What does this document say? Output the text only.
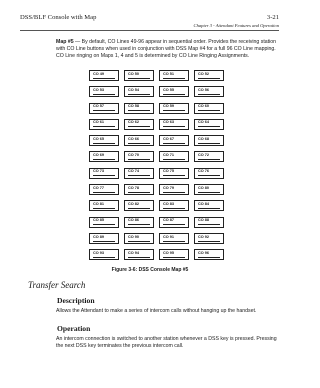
DSS/BLF Console with Map	3-21
Chapter 3 - Attendant Features and Operation

Map #5 — By default, CO Lines 49-96 appear in sequential order. Provides the receiving station with CO Line buttons when used in conjunction with DSS Map #4 for a full 96 CO Line mapping. CO Line ringing on Maps 1, 4 and 5 is determined by CO Line Ringing Assignments.

CO 49	CO 50	CO 51	CO 52
CO 53	CO 54	CO 55	CO 56
CO 57	CO 58	CO 59	CO 60
CO 61	CO 62	CO 63	CO 64
CO 65	CO 66	CO 67	CO 68
CO 69	CO 70	CO 71	CO 72
CO 73	CO 74	CO 75	CO 76
CO 77	CO 78	CO 79	CO 80
CO 81	CO 82	CO 83	CO 84
CO 85	CO 86	CO 87	CO 88
CO 89	CO 90	CO 91	CO 92
CO 93	CO 94	CO 95	CO 96
Figure 3-6: DSS Console Map #5
Transfer Search
Description

Allows the Attendant to make a series of intercom calls without hanging up the handset.

Operation

An intercom connection is switched to another station whenever a DSS key is pressed. Pressing the next DSS key terminates the previous intercom call.
